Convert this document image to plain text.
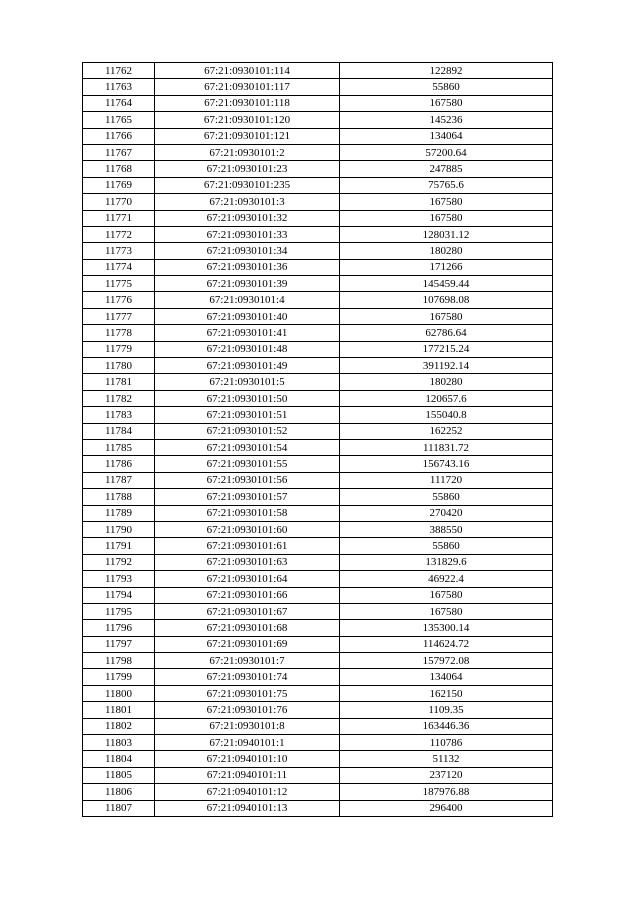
11762	67:21:0930101:114	122892
11763	67:21:0930101:117	55860
11764	67:21:0930101:118	167580
11765	67:21:0930101:120	145236
11766	67:21:0930101:121	134064
11767	67:21:0930101:2	57200.64
11768	67:21:0930101:23	247885
11769	67:21:0930101:235	75765.6
11770	67:21:0930101:3	167580
11771	67:21:0930101:32	167580
11772	67:21:0930101:33	128031.12
11773	67:21:0930101:34	180280
11774	67:21:0930101:36	171266
11775	67:21:0930101:39	145459.44
11776	67:21:0930101:4	107698.08
11777	67:21:0930101:40	167580
11778	67:21:0930101:41	62786.64
11779	67:21:0930101:48	177215.24
11780	67:21:0930101:49	391192.14
11781	67:21:0930101:5	180280
11782	67:21:0930101:50	120657.6
11783	67:21:0930101:51	155040.8
11784	67:21:0930101:52	162252
11785	67:21:0930101:54	111831.72
11786	67:21:0930101:55	156743.16
11787	67:21:0930101:56	111720
11788	67:21:0930101:57	55860
11789	67:21:0930101:58	270420
11790	67:21:0930101:60	388550
11791	67:21:0930101:61	55860
11792	67:21:0930101:63	131829.6
11793	67:21:0930101:64	46922.4
11794	67:21:0930101:66	167580
11795	67:21:0930101:67	167580
11796	67:21:0930101:68	135300.14
11797	67:21:0930101:69	114624.72
11798	67:21:0930101:7	157972.08
11799	67:21:0930101:74	134064
11800	67:21:0930101:75	162150
11801	67:21:0930101:76	1109.35
11802	67:21:0930101:8	163446.36
11803	67:21:0940101:1	110786
11804	67:21:0940101:10	51132
11805	67:21:0940101:11	237120
11806	67:21:0940101:12	187976.88
11807	67:21:0940101:13	296400
